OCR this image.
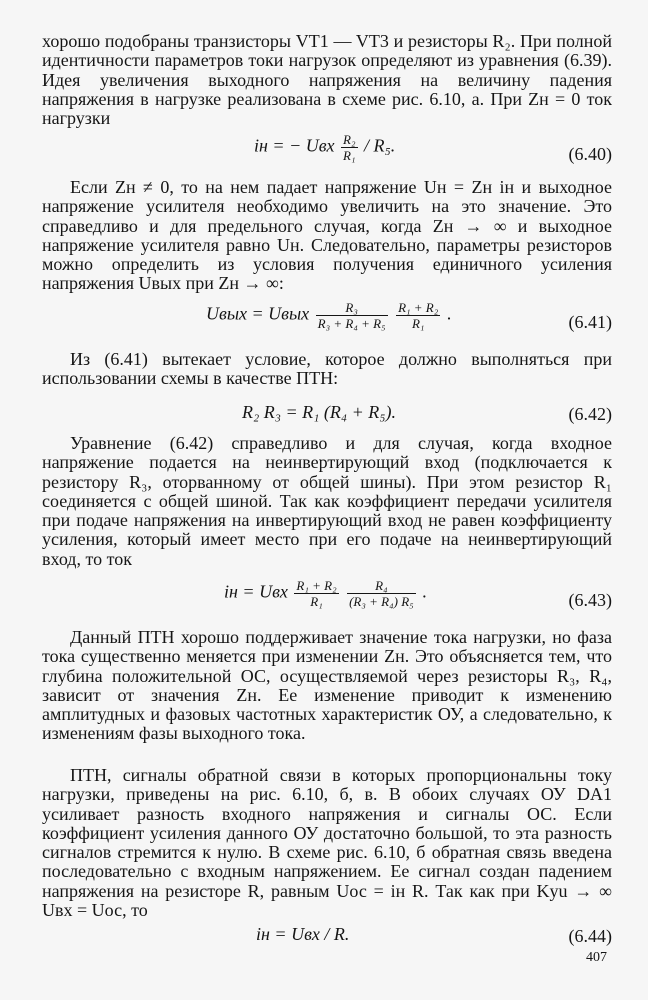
хорошо подобраны транзисторы VT1 — VT3 и резисторы R₂. При полной идентичности параметров токи нагрузок определяют из уравнения (6.39). Идея увеличения выходного напряжения на величину падения напряжения в нагрузке реализована в схеме рис. 6.10, а. При Zн = 0 ток нагрузки

iн = − Uвх $\frac{\text{R₂}}{\text{R₁}} / R_5$.	(6.40)

Если Zн ≠ 0, то на нем падает напряжение Uн = Zн iн и выходное напряжение усилителя необходимо увеличить на это значение. Это справедливо и для предельного случая, когда Zн → ∞ и выходное напряжение усилителя равно Uн. Следовательно, параметры резисторов можно определить из условия получения единичного усиления напряжения Uвых при Zн → ∞:

Uвых = Uвых $\frac{\text{R₃}}{\text{R₃ + R₄ + R₅}}$
$\frac{\text{R₁ + R₂}}{\text{R₁}}$ .	(6.41)

Из (6.41) вытекает условие, которое должно выполняться при использовании схемы в качестве ПТН:

R₂ R₃ = R₁ (R₄ + R₅).	(6.42)

Уравнение (6.42) справедливо и для случая, когда входное напряжение подается на неинвертирующий вход (подключается к резистору R₃, оторванному от общей шины). При этом резистор R₁ соединяется с общей шиной. Так как коэффициент передачи усилителя при подаче напряжения на инвертирующий вход не равен коэффициенту усиления, который имеет место при его подаче на неинвертирующий вход, то ток

iн = Uвх $\frac{\text{R₁ + R₂}}{\text{R₁}}$
$\frac{\text{R₄}}{\text{(R₃ + R₄) R₅}}$ .	(6.43)

Данный ПТН хорошо поддерживает значение тока нагрузки, но фаза тока существенно меняется при изменении Zн. Это объясняется тем, что глубина положительной ОС, осуществляемой через резисторы R₃, R₄, зависит от значения Zн. Ее изменение приводит к изменению амплитудных и фазовых частотных характеристик ОУ, а следовательно, к изменениям фазы выходного тока.

ПТН, сигналы обратной связи в которых пропорциональны току нагрузки, приведены на рис. 6.10, б, в. В обоих случаях ОУ DA1 усиливает разность входного напряжения и сигналы ОС. Если коэффициент усиления данного ОУ достаточно большой, то эта разность сигналов стремится к нулю. В схеме рис. 6.10, б обратная связь введена последовательно с входным напряжением. Ее сигнал создан падением напряжения на резисторе R, равным Uос = iн R. Так как при Kуu → ∞ Uвх = Uос, то

iн = Uвх / R.	(6.44)
407
